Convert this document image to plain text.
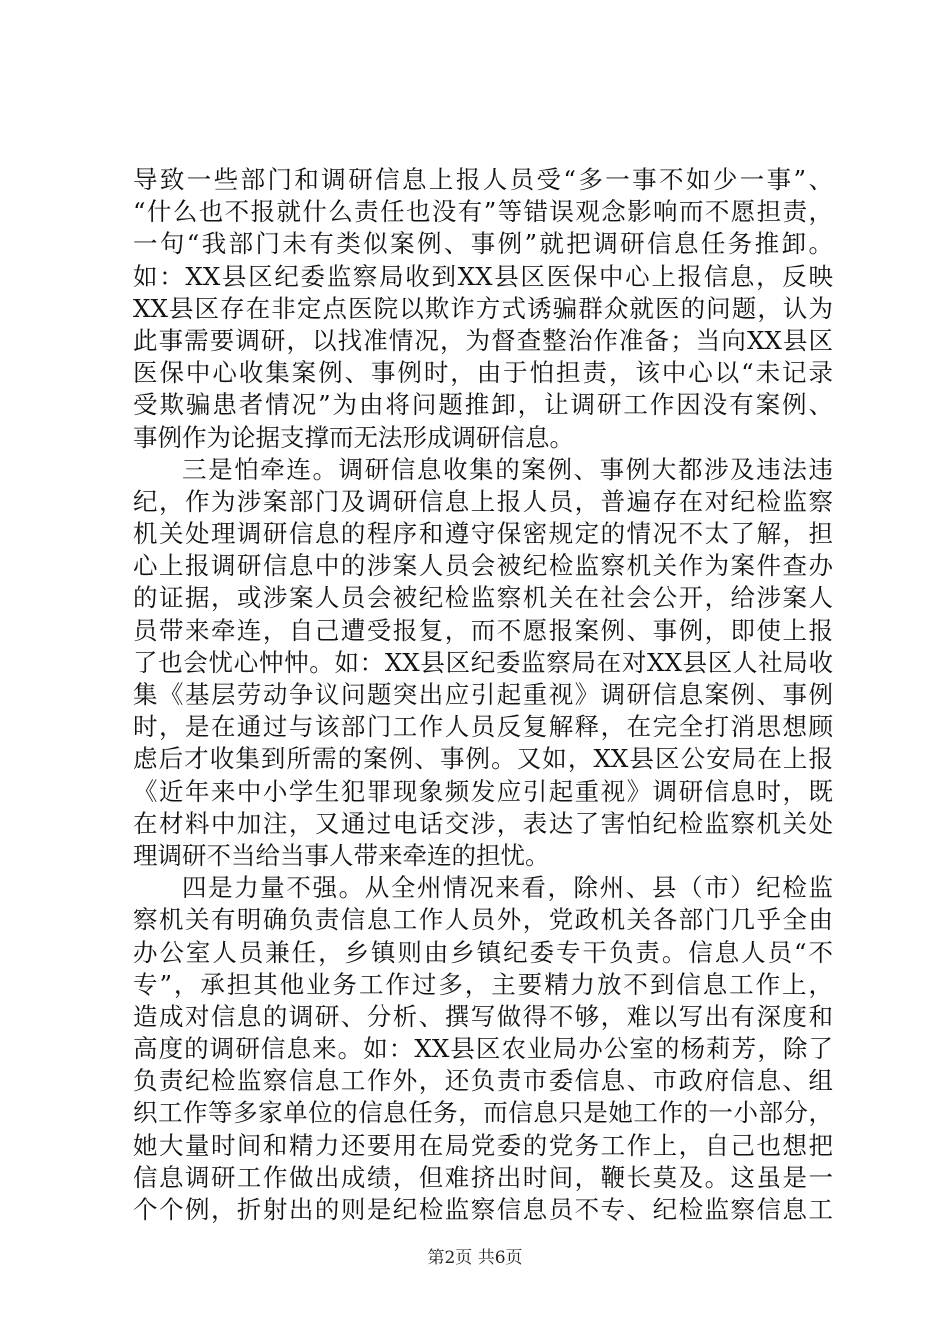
导致一些部门和调研信息上报人员受“多一事不如少一事”、
“什么也不报就什么责任也没有”等错误观念影响而不愿担责，
一句“我部门未有类似案例、事例”就把调研信息任务推卸。
如：XX县区纪委监察局收到XX县区医保中心上报信息，反映
XX县区存在非定点医院以欺诈方式诱骗群众就医的问题，认为
此事需要调研，以找准情况，为督查整治作准备；当向XX县区
医保中心收集案例、事例时，由于怕担责，该中心以“未记录
受欺骗患者情况”为由将问题推卸，让调研工作因没有案例、
事例作为论据支撑而无法形成调研信息。
三是怕牵连。调研信息收集的案例、事例大都涉及违法违
纪，作为涉案部门及调研信息上报人员，普遍存在对纪检监察
机关处理调研信息的程序和遵守保密规定的情况不太了解，担
心上报调研信息中的涉案人员会被纪检监察机关作为案件查办
的证据，或涉案人员会被纪检监察机关在社会公开，给涉案人
员带来牵连，自己遭受报复，而不愿报案例、事例，即使上报
了也会忧心忡忡。如：XX县区纪委监察局在对XX县区人社局收
集《基层劳动争议问题突出应引起重视》调研信息案例、事例
时，是在通过与该部门工作人员反复解释，在完全打消思想顾
虑后才收集到所需的案例、事例。又如，XX县区公安局在上报
《近年来中小学生犯罪现象频发应引起重视》调研信息时，既
在材料中加注，又通过电话交涉，表达了害怕纪检监察机关处
理调研不当给当事人带来牵连的担忧。
四是力量不强。从全州情况来看，除州、县（市）纪检监
察机关有明确负责信息工作人员外，党政机关各部门几乎全由
办公室人员兼任，乡镇则由乡镇纪委专干负责。信息人员“不
专”，承担其他业务工作过多，主要精力放不到信息工作上，
造成对信息的调研、分析、撰写做得不够，难以写出有深度和
高度的调研信息来。如：XX县区农业局办公室的杨莉芳，除了
负责纪检监察信息工作外，还负责市委信息、市政府信息、组
织工作等多家单位的信息任务，而信息只是她工作的一小部分，
她大量时间和精力还要用在局党委的党务工作上，自己也想把
信息调研工作做出成绩，但难挤出时间，鞭长莫及。这虽是一
个个例，折射出的则是纪检监察信息员不专、纪检监察信息工
第2页 共6页
